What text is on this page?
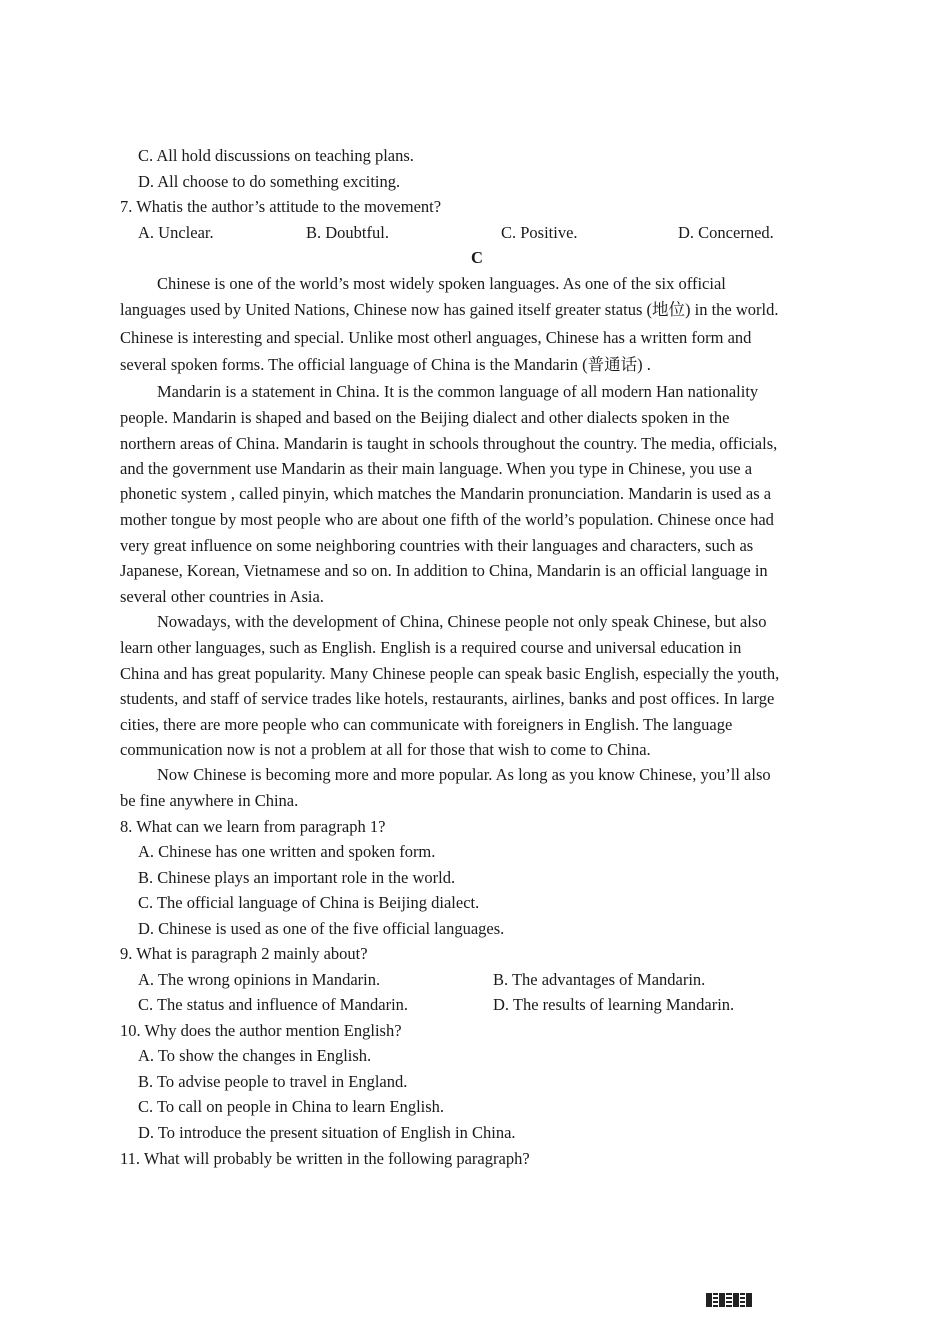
C. All hold discussions on teaching plans.
D. All choose to do something exciting.
7. Whatis the author’s attitude to the movement?
A. Unclear.	B. Doubtful.	C. Positive.	D. Concerned.
C
Chinese is one of the world’s most widely spoken languages. As one of the six official
languages used by United Nations, Chinese now has gained itself greater status (地位) in the world.
Chinese is interesting and special. Unlike most otherl anguages, Chinese has a written form and
several spoken forms. The official language of China is the Mandarin (普通话) .
Mandarin is a statement in China. It is the common language of all modern Han nationality
people. Mandarin is shaped and based on the Beijing dialect and other dialects spoken in the
northern areas of China. Mandarin is taught in schools throughout the country. The media, officials,
and the government use Mandarin as their main language. When you type in Chinese, you use a
phonetic system , called pinyin, which matches the Mandarin pronunciation. Mandarin is used as a
mother tongue by most people who are about one fifth of the world’s population. Chinese once had
very great influence on some neighboring countries with their languages and characters, such as
Japanese, Korean, Vietnamese and so on. In addition to China, Mandarin is an official language in
several other countries in Asia.
Nowadays, with the development of China, Chinese people not only speak Chinese, but also
learn other languages, such as English. English is a required course and universal education in
China and has great popularity. Many Chinese people can speak basic English, especially the youth,
students, and staff of service trades like hotels, restaurants, airlines, banks and post offices. In large
cities, there are more people who can communicate with foreigners in English. The language
communication now is not a problem at all for those that wish to come to China.
Now Chinese is becoming more and more popular. As long as you know Chinese, you’ll also
be fine anywhere in China.
8. What can we learn from paragraph 1?
A. Chinese has one written and spoken form.
B. Chinese plays an important role in the world.
C. The official language of China is Beijing dialect.
D. Chinese is used as one of the five official languages.
9. What is paragraph 2 mainly about?
A. The wrong opinions in Mandarin.	B. The advantages of Mandarin.
C. The status and influence of Mandarin.	D. The results of learning Mandarin.
10. Why does the author mention English?
A. To show the changes in English.
B. To advise people to travel in England.
C. To call on people in China to learn English.
D. To introduce the present situation of English in China.
11. What will probably be written in the following paragraph?
